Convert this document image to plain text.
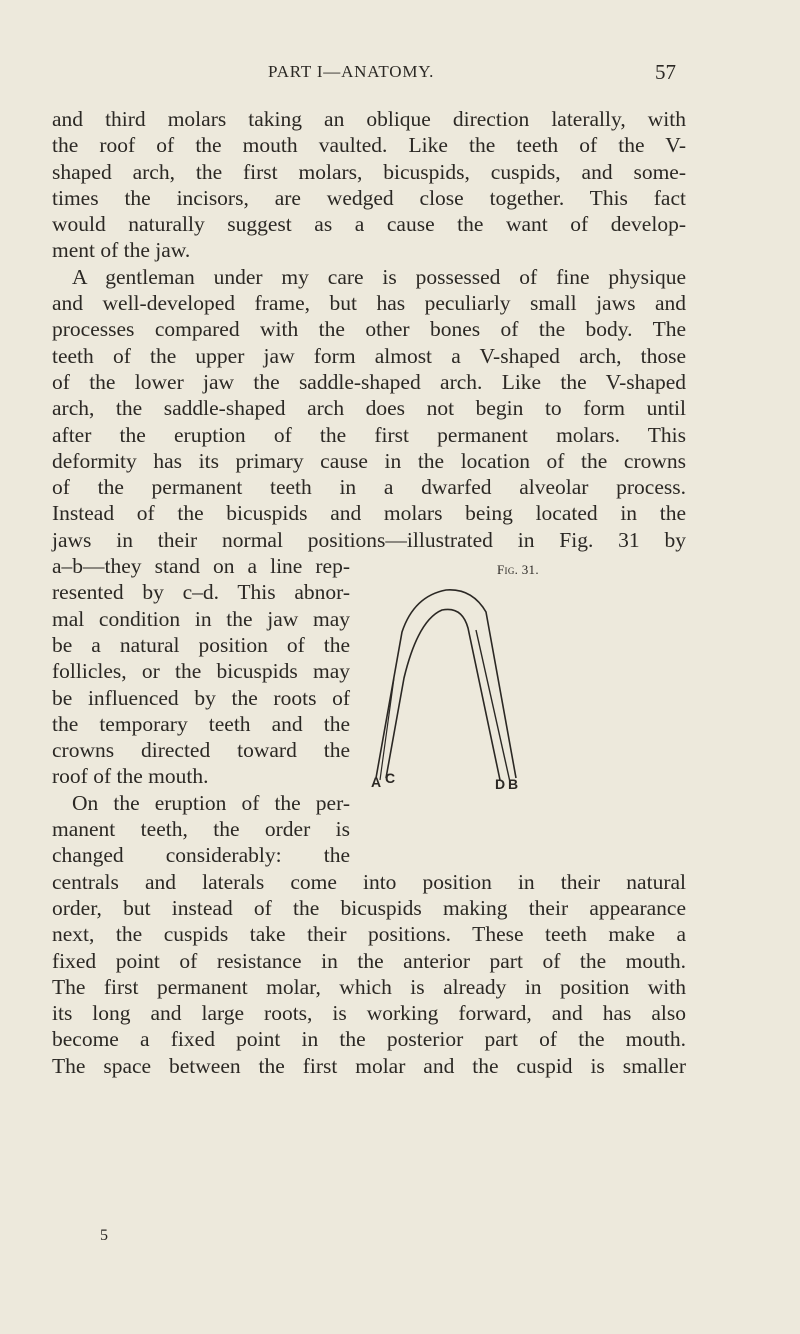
PART I—ANATOMY.	57
and third molars taking an oblique direction laterally, with
the roof of the mouth vaulted. Like the teeth of the V-
shaped arch, the first molars, bicuspids, cuspids, and some-
times the incisors, are wedged close together. This fact
would naturally suggest as a cause the want of develop-
ment of the jaw.
A gentleman under my care is possessed of fine physique
and well-developed frame, but has peculiarly small jaws and
processes compared with the other bones of the body. The
teeth of the upper jaw form almost a V-shaped arch, those
of the lower jaw the saddle-shaped arch. Like the V-shaped
arch, the saddle-shaped arch does not begin to form until
after the eruption of the first permanent molars. This
deformity has its primary cause in the location of the crowns
of the permanent teeth in a dwarfed alveolar process.
Instead of the bicuspids and molars being located in the
jaws in their normal positions—illustrated in Fig. 31 by
a–b—they stand on a line rep-
resented by c–d. This abnor-
mal condition in the jaw may
be a natural position of the
follicles, or the bicuspids may
be influenced by the roots of
the temporary teeth and the
crowns directed toward the
roof of the mouth.
On the eruption of the per-
manent teeth, the order is
changed considerably: the
centrals and laterals come into position in their natural
order, but instead of the bicuspids making their appearance
next, the cuspids take their positions. These teeth make a
fixed point of resistance in the anterior part of the mouth.
The first permanent molar, which is already in position with
its long and large roots, is working forward, and has also
become a fixed point in the posterior part of the mouth.
The space between the first molar and the cuspid is smaller
Fig. 31.
A C	D B
5
